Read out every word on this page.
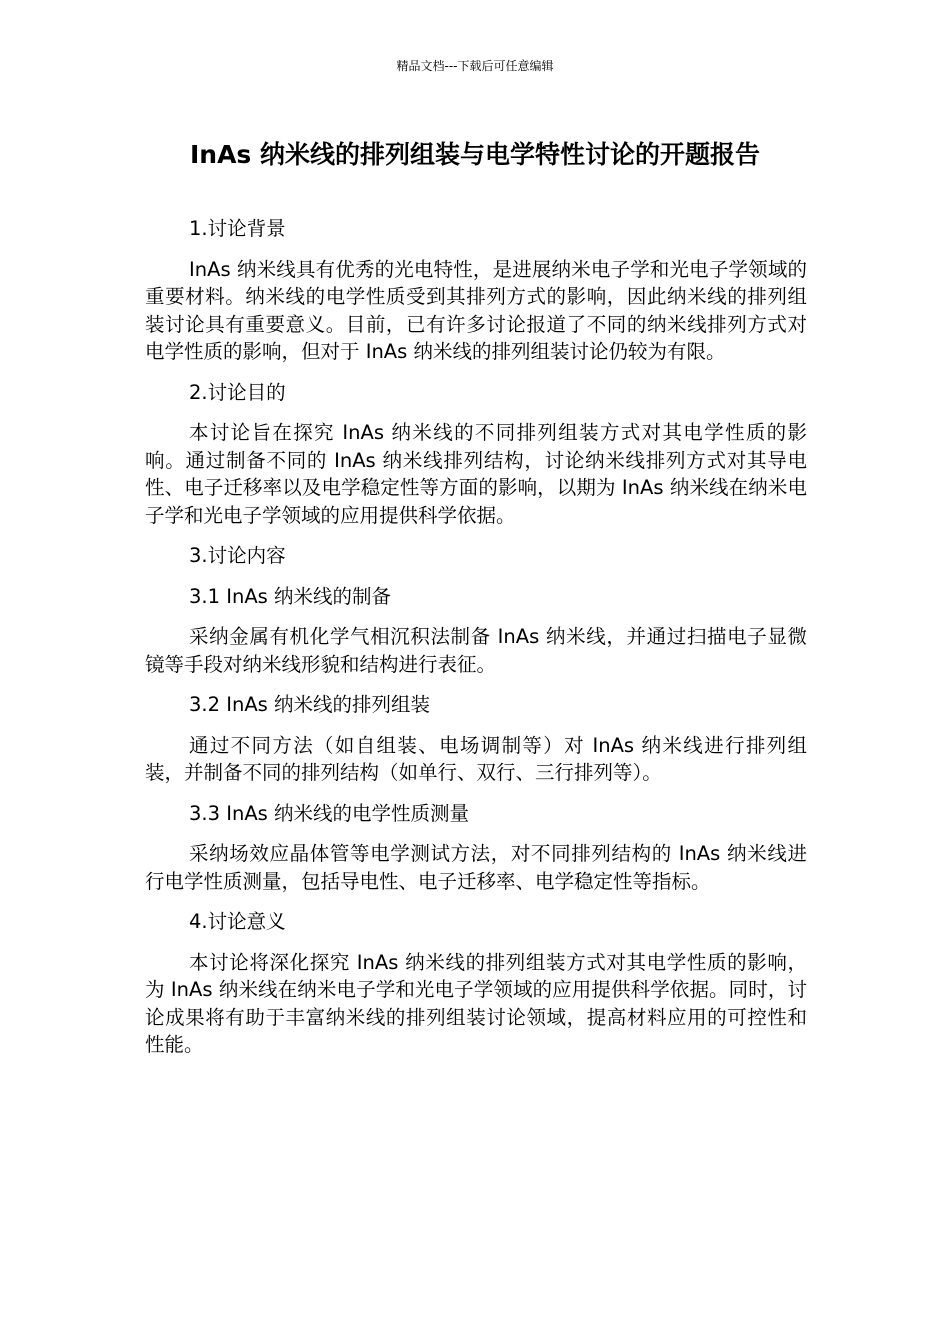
精品文档---下载后可任意编辑
InAs 纳米线的排列组装与电学特性讨论的开题报告
1.讨论背景
InAs 纳米线具有优秀的光电特性，是进展纳米电子学和光电子学领域的重要材料。纳米线的电学性质受到其排列方式的影响，因此纳米线的排列组装讨论具有重要意义。目前，已有许多讨论报道了不同的纳米线排列方式对电学性质的影响，但对于 InAs 纳米线的排列组装讨论仍较为有限。
2.讨论目的
本讨论旨在探究 InAs 纳米线的不同排列组装方式对其电学性质的影响。通过制备不同的 InAs 纳米线排列结构，讨论纳米线排列方式对其导电性、电子迁移率以及电学稳定性等方面的影响，以期为 InAs 纳米线在纳米电子学和光电子学领域的应用提供科学依据。
3.讨论内容
3.1 InAs 纳米线的制备
采纳金属有机化学气相沉积法制备 InAs 纳米线，并通过扫描电子显微镜等手段对纳米线形貌和结构进行表征。
3.2 InAs 纳米线的排列组装
通过不同方法（如自组装、电场调制等）对 InAs 纳米线进行排列组装，并制备不同的排列结构（如单行、双行、三行排列等）。
3.3 InAs 纳米线的电学性质测量
采纳场效应晶体管等电学测试方法，对不同排列结构的 InAs 纳米线进行电学性质测量，包括导电性、电子迁移率、电学稳定性等指标。
4.讨论意义
本讨论将深化探究 InAs 纳米线的排列组装方式对其电学性质的影响，为 InAs 纳米线在纳米电子学和光电子学领域的应用提供科学依据。同时，讨论成果将有助于丰富纳米线的排列组装讨论领域，提高材料应用的可控性和性能。
